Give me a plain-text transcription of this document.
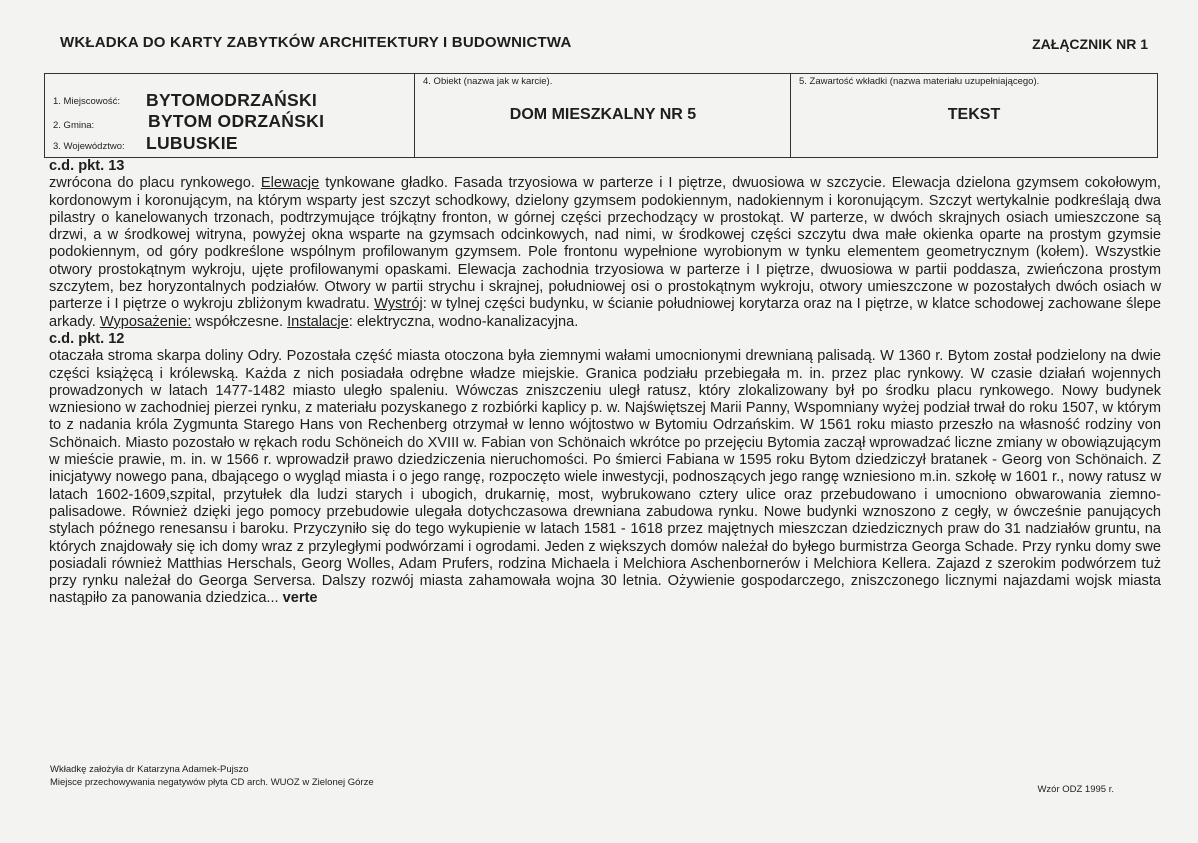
WKŁADKA DO KARTY ZABYTKÓW ARCHITEKTURY I BUDOWNICTWA	ZAŁĄCZNIK NR 1
1. Miejscowość: BYTOMODRZAŃSKI
2. Gmina:	BYTOM ODRZAŃSKI
3. Województwo: LUBUSKIE
4. Obiekt (nazwa jak w karcie).
DOM MIESZKALNY NR 5
5. Zawartość wkładki (nazwa materiału uzupełniającego).
TEKST
c.d. pkt. 13

zwrócona do placu rynkowego. Elewacje tynkowane gładko. Fasada trzyosiowa w parterze i I piętrze, dwuosiowa w szczycie. Elewacja dzielona gzymsem cokołowym, kordonowym i koronującym, na którym wsparty jest szczyt schodkowy, dzielony gzymsem podokiennym, nadokiennym i koronującym. Szczyt wertykalnie podkreślają dwa pilastry o kanelowanych trzonach, podtrzymujące trójkątny fronton, w górnej części przechodzący w prostokąt. W parterze, w dwóch skrajnych osiach umieszczone są drzwi, a w środkowej witryna, powyżej okna wsparte na gzymsach odcinkowych, nad nimi, w środkowej części szczytu dwa małe okienka oparte na prostym gzymsie podokiennym, od góry podkreślone wspólnym profilowanym gzymsem. Pole frontonu wypełnione wyrobionym w tynku elementem geometrycznym (kołem). Wszystkie otwory prostokątnym wykroju, ujęte profilowanymi opaskami. Elewacja zachodnia trzyosiowa w parterze i I piętrze, dwuosiowa w partii poddasza, zwieńczona prostym szczytem, bez horyzontalnych podziałów. Otwory w partii strychu i skrajnej, południowej osi o prostokątnym wykroju, otwory umieszczone w pozostałych dwóch osiach w parterze i I piętrze o wykroju zbliżonym kwadratu. Wystrój: w tylnej części budynku, w ścianie południowej korytarza oraz na I piętrze, w klatce schodowej zachowane ślepe arkady. Wyposażenie: współczesne. Instalacje: elektryczna, wodno-kanalizacyjna.

c.d. pkt. 12

otaczała stroma skarpa doliny Odry. Pozostała część miasta otoczona była ziemnymi wałami umocnionymi drewnianą palisadą. W 1360 r. Bytom został podzielony na dwie części książęcą i królewską. Każda z nich posiadała odrębne władze miejskie. Granica podziału przebiegała m. in. przez plac rynkowy. W czasie działań wojennych prowadzonych w latach 1477-1482 miasto uległo spaleniu. Wówczas zniszczeniu uległ ratusz, który zlokalizowany był po środku placu rynkowego. Nowy budynek wzniesiono w zachodniej pierzei rynku, z materiału pozyskanego z rozbiórki kaplicy p. w. Najświętszej Marii Panny, Wspomniany wyżej podział trwał do roku 1507, w którym to z nadania króla Zygmunta Starego Hans von Rechenberg otrzymał w lenno wójtostwo w Bytomiu Odrzańskim. W 1561 roku miasto przeszło na własność rodziny von Schönaich. Miasto pozostało w rękach rodu Schöneich do XVIII w. Fabian von Schönaich wkrótce po przejęciu Bytomia zaczął wprowadzać liczne zmiany w obowiązującym w mieście prawie, m. in. w 1566 r. wprowadził prawo dziedziczenia nieruchomości. Po śmierci Fabiana w 1595 roku Bytom dziedziczył bratanek - Georg von Schönaich. Z inicjatywy nowego pana, dbającego o wygląd miasta i o jego rangę, rozpoczęto wiele inwestycji, podnoszących jego rangę wzniesiono m.in. szkołę w 1601 r., nowy ratusz w latach 1602-1609,szpital, przytułek dla ludzi starych i ubogich, drukarnię, most, wybrukowano cztery ulice oraz przebudowano i umocniono obwarowania ziemno-palisadowe. Również dzięki jego pomocy przebudowie ulegała dotychczasowa drewniana zabudowa rynku. Nowe budynki wznoszono z cegły, w ówcześnie panujących stylach późnego renesansu i baroku. Przyczyniło się do tego wykupienie w latach 1581 - 1618 przez majętnych mieszczan dziedzicznych praw do 31 nadziałów gruntu, na których znajdowały się ich domy wraz z przyległymi podwórzami i ogrodami. Jeden z większych domów należał do byłego burmistrza Georga Schade. Przy rynku domy swe posiadali również Matthias Herschals, Georg Wolles, Adam Prufers, rodzina Michaela i Melchiora Aschenbornerów i Melchiora Kellera. Zajazd z szerokim podwórzem tuż przy rynku należał do Georga Serversa. Dalszy rozwój miasta zahamowała wojna 30 letnia. Ożywienie gospodarczego, zniszczonego licznymi najazdami wojsk miasta nastąpiło za panowania dziedzica... verte

Wkładkę założyła dr Katarzyna Adamek-Pujszo
Miejsce przechowywania negatywów płyta CD arch. WUOZ w Zielonej Górze
Wzór ODZ 1995 r.
